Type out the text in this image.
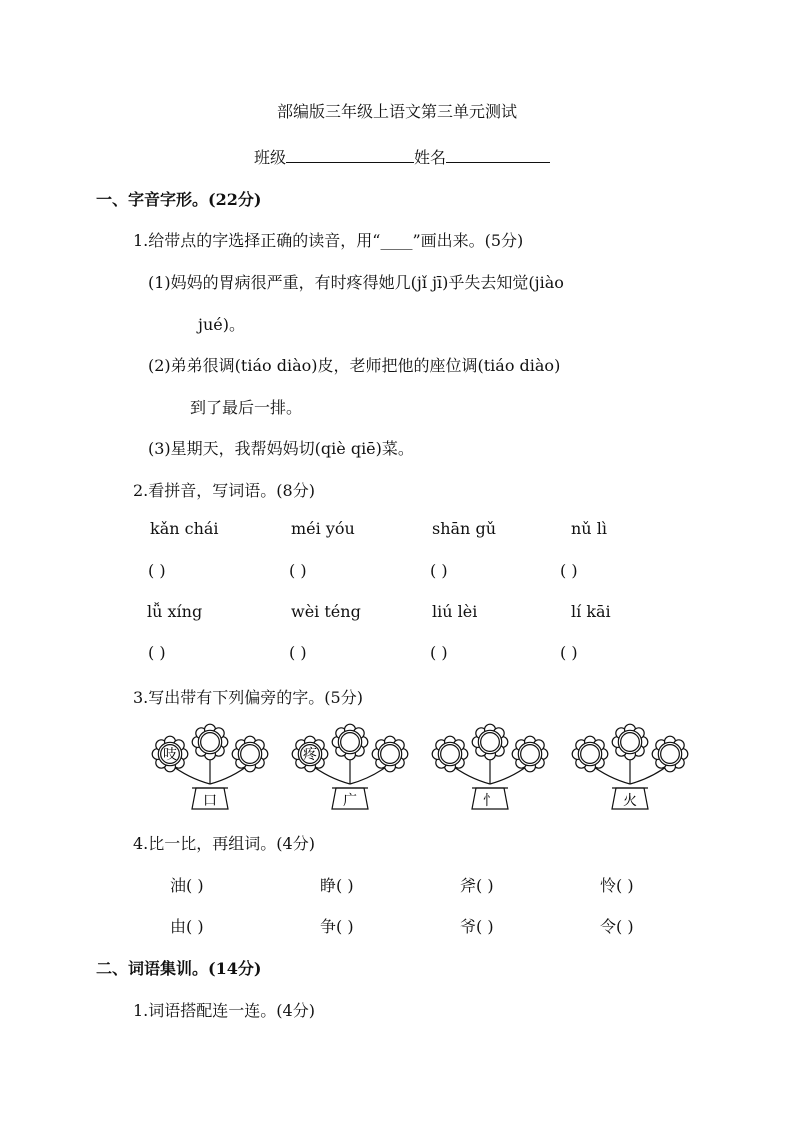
部编版三年级上语文第三单元测试
班级	姓名
一、字音字形。(22分)
1.给带点的字选择正确的读音，用“____”画出来。(5分)
(1)妈妈的胃病很严重，有时疼得她几(jǐ jī)乎失去知觉(jiào
jué)。
(2)弟弟很调(tiáo diào)皮，老师把他的座位调(tiáo diào)
到了最后一排。
(3)星期天，我帮妈妈切(qiè qiē)菜。
2.看拼音，写词语。(8分)
kǎn chái	méi yóu	shān gǔ	nǔ lì
( )	( )	( )	( )
lǚ xíng	wèi téng	liú lèi	lí kāi
( )	( )	( )	( )
3.写出带有下列偏旁的字。(5分)
吱
口
疼
广	忄	火
4.比一比，再组词。(4分)
油( )	睁( )	斧( )	怜( )
由( )	争( )	爷( )	令( )
二、词语集训。(14分)
1.词语搭配连一连。(4分)
